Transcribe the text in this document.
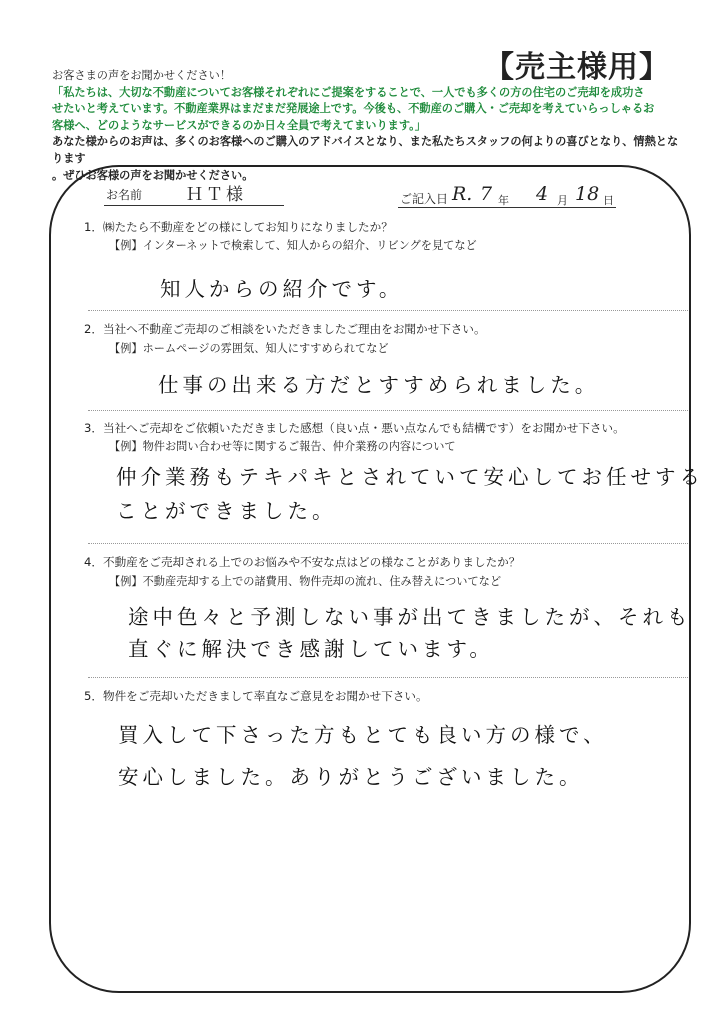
【売主様用】

お客さまの声をお聞かせください！

「私たちは、大切な不動産についてお客様それぞれにご提案をすることで、一人でも多くの方の住宅のご売却を成功さ

せたいと考えています。不動産業界はまだまだ発展途上です。今後も、不動産のご購入・ご売却を考えていらっしゃるお

客様へ、どのようなサービスができるのか日々全員で考えてまいります。」

あなた様からのお声は、多くのお客様へのご購入のアドバイスとなり、また私たちスタッフの何よりの喜びとなり、情熱となります

。ぜひお客様の声をお聞かせください。

お名前	ＨＴ様	ご記入日 R. 7 年 4 月 18 日
1．㈱たたら不動産をどの様にしてお知りになりましたか？
【例】インターネットで検索して、知人からの紹介、リビングを見てなど
知人からの紹介です。
2．当社へ不動産ご売却のご相談をいただきましたご理由をお聞かせ下さい。
【例】ホームページの雰囲気、知人にすすめられてなど
仕事の出来る方だとすすめられました。
3．当社へご売却をご依頼いただきました感想（良い点・悪い点なんでも結構です）をお聞かせ下さい。
【例】物件お問い合わせ等に関するご報告、仲介業務の内容について
仲介業務もテキパキとされていて安心してお任せする
ことができました。
4．不動産をご売却される上でのお悩みや不安な点はどの様なことがありましたか？
【例】不動産売却する上での諸費用、物件売却の流れ、住み替えについてなど
途中色々と予測しない事が出てきましたが、それも
直ぐに解決でき感謝しています。
5．物件をご売却いただきまして率直なご意見をお聞かせ下さい。
買入して下さった方もとても良い方の様で、
安心しました。ありがとうございました。
